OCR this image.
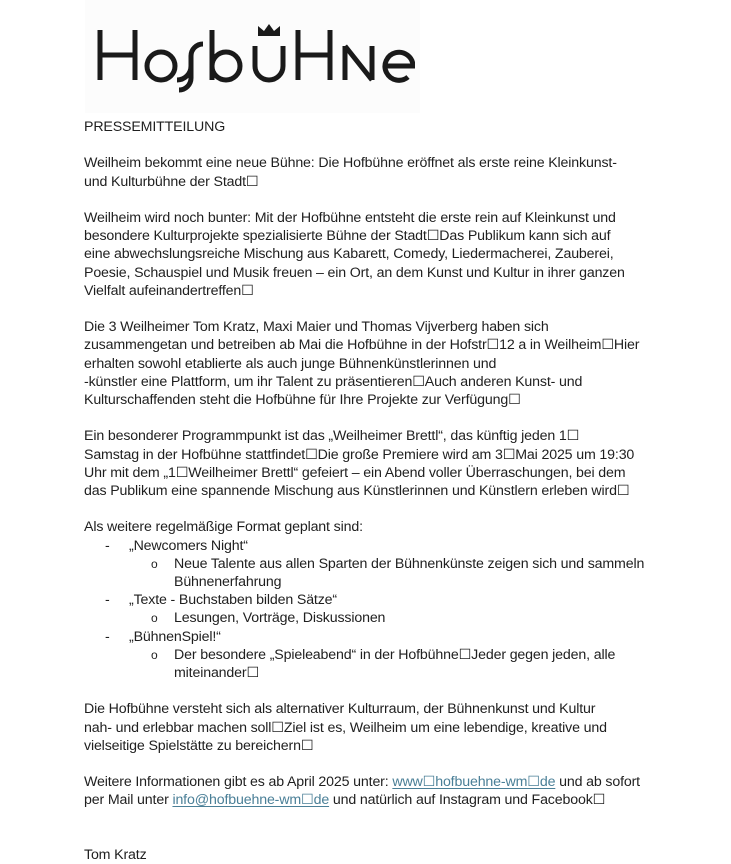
PRESSEMITTEILUNG

Weilheim bekommt eine neue Bühne: Die Hofbühne eröffnet als erste reine Kleinkunst-
und Kulturbühne der Stadt☐

Weilheim wird noch bunter: Mit der Hofbühne entsteht die erste rein auf Kleinkunst und
besondere Kulturprojekte spezialisierte Bühne der Stadt☐Das Publikum kann sich auf
eine abwechslungsreiche Mischung aus Kabarett, Comedy, Liedermacherei, Zauberei,
Poesie, Schauspiel und Musik freuen – ein Ort, an dem Kunst und Kultur in ihrer ganzen
Vielfalt aufeinandertreffen☐

Die 3 Weilheimer Tom Kratz, Maxi Maier und Thomas Vijverberg haben sich
zusammengetan und betreiben ab Mai die Hofbühne in der Hofstr☐12 a in Weilheim☐Hier
erhalten sowohl etablierte als auch junge Bühnenkünstlerinnen und
-künstler eine Plattform, um ihr Talent zu präsentieren☐Auch anderen Kunst- und
Kulturschaffenden steht die Hofbühne für Ihre Projekte zur Verfügung☐

Ein besonderer Programmpunkt ist das „Weilheimer Brettl“, das künftig jeden 1☐
Samstag in der Hofbühne stattfindet☐Die große Premiere wird am 3☐Mai 2025 um 19:30
Uhr mit dem „1☐Weilheimer Brettl“ gefeiert – ein Abend voller Überraschungen, bei dem
das Publikum eine spannende Mischung aus Künstlerinnen und Künstlern erleben wird☐

Als weitere regelmäßige Format geplant sind:

- „Newcomers Night“
o Neue Talente aus allen Sparten der Bühnenkünste zeigen sich und sammeln Bühnenerfahrung
- „Texte - Buchstaben bilden Sätze“
o Lesungen, Vorträge, Diskussionen
- „BühnenSpiel!“
o Der besondere „Spieleabend“ in der Hofbühne☐Jeder gegen jeden, alle miteinander☐

Die Hofbühne versteht sich als alternativer Kulturraum, der Bühnenkunst und Kultur
nah- und erlebbar machen soll☐Ziel ist es, Weilheim um eine lebendige, kreative und
vielseitige Spielstätte zu bereichern☐

Weitere Informationen gibt es ab April 2025 unter: www☐hofbuehne-wm☐de und ab sofort
per Mail unter info@hofbuehne-wm☐de und natürlich auf Instagram und Facebook☐

Tom Kratz
